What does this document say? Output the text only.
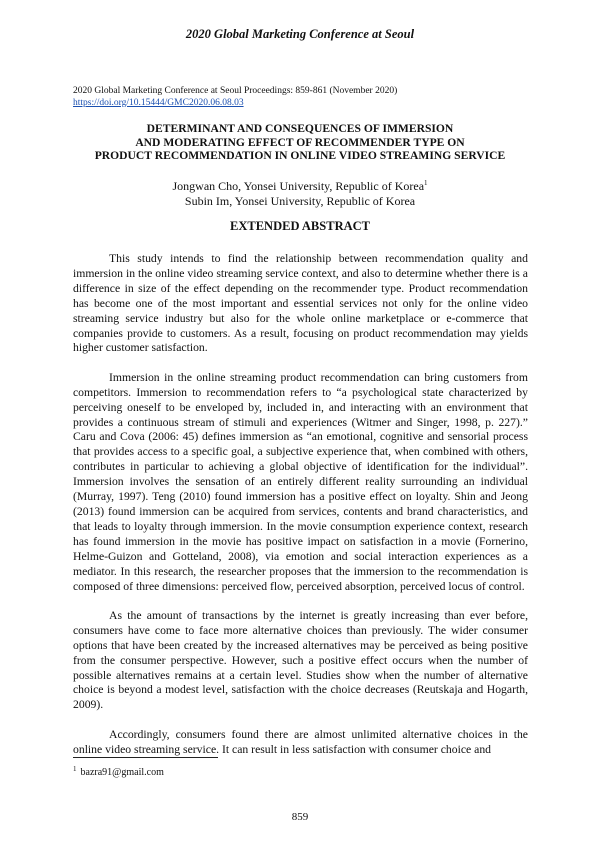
2020 Global Marketing Conference at Seoul
2020 Global Marketing Conference at Seoul Proceedings: 859-861 (November 2020)
https://doi.org/10.15444/GMC2020.06.08.03
DETERMINANT AND CONSEQUENCES OF IMMERSION
AND MODERATING EFFECT OF RECOMMENDER TYPE ON
PRODUCT RECOMMENDATION IN ONLINE VIDEO STREAMING SERVICE
Jongwan Cho, Yonsei University, Republic of Korea$^1$
Subin Im, Yonsei University, Republic of Korea
EXTENDED ABSTRACT

This study intends to find the relationship between recommendation quality and immersion in the online video streaming service context, and also to determine whether there is a difference in size of the effect depending on the recommender type. Product recommendation has become one of the most important and essential services not only for the online video streaming service industry but also for the whole online marketplace or e-commerce that companies provide to customers. As a result, focusing on product recommendation may yields higher customer satisfaction.

Immersion in the online streaming product recommendation can bring customers from competitors. Immersion to recommendation refers to “a psychological state characterized by perceiving oneself to be enveloped by, included in, and interacting with an environment that provides a continuous stream of stimuli and experiences (Witmer and Singer, 1998, p. 227).” Caru and Cova (2006: 45) defines immersion as “an emotional, cognitive and sensorial process that provides access to a specific goal, a subjective experience that, when combined with others, contributes in particular to achieving a global objective of identification for the individual”. Immersion involves the sensation of an entirely different reality surrounding an individual (Murray, 1997). Teng (2010) found immersion has a positive effect on loyalty. Shin and Jeong (2013) found immersion can be acquired from services, contents and brand characteristics, and that leads to loyalty through immersion. In the movie consumption experience context, research has found immersion in the movie has positive impact on satisfaction in a movie (Fornerino, Helme-Guizon and Gotteland, 2008), via emotion and social interaction experiences as a mediator. In this research, the researcher proposes that the immersion to the recommendation is composed of three dimensions: perceived flow, perceived absorption, perceived locus of control.

As the amount of transactions by the internet is greatly increasing than ever before, consumers have come to face more alternative choices than previously. The wider consumer options that have been created by the increased alternatives may be perceived as being positive from the consumer perspective. However, such a positive effect occurs when the number of possible alternatives remains at a certain level. Studies show when the number of alternative choice is beyond a modest level, satisfaction with the choice decreases (Reutskaja and Hogarth, 2009).

Accordingly, consumers found there are almost unlimited alternative choices in the online video streaming service. It can result in less satisfaction with consumer choice and

$^1$ bazra91@gmail.com
859
